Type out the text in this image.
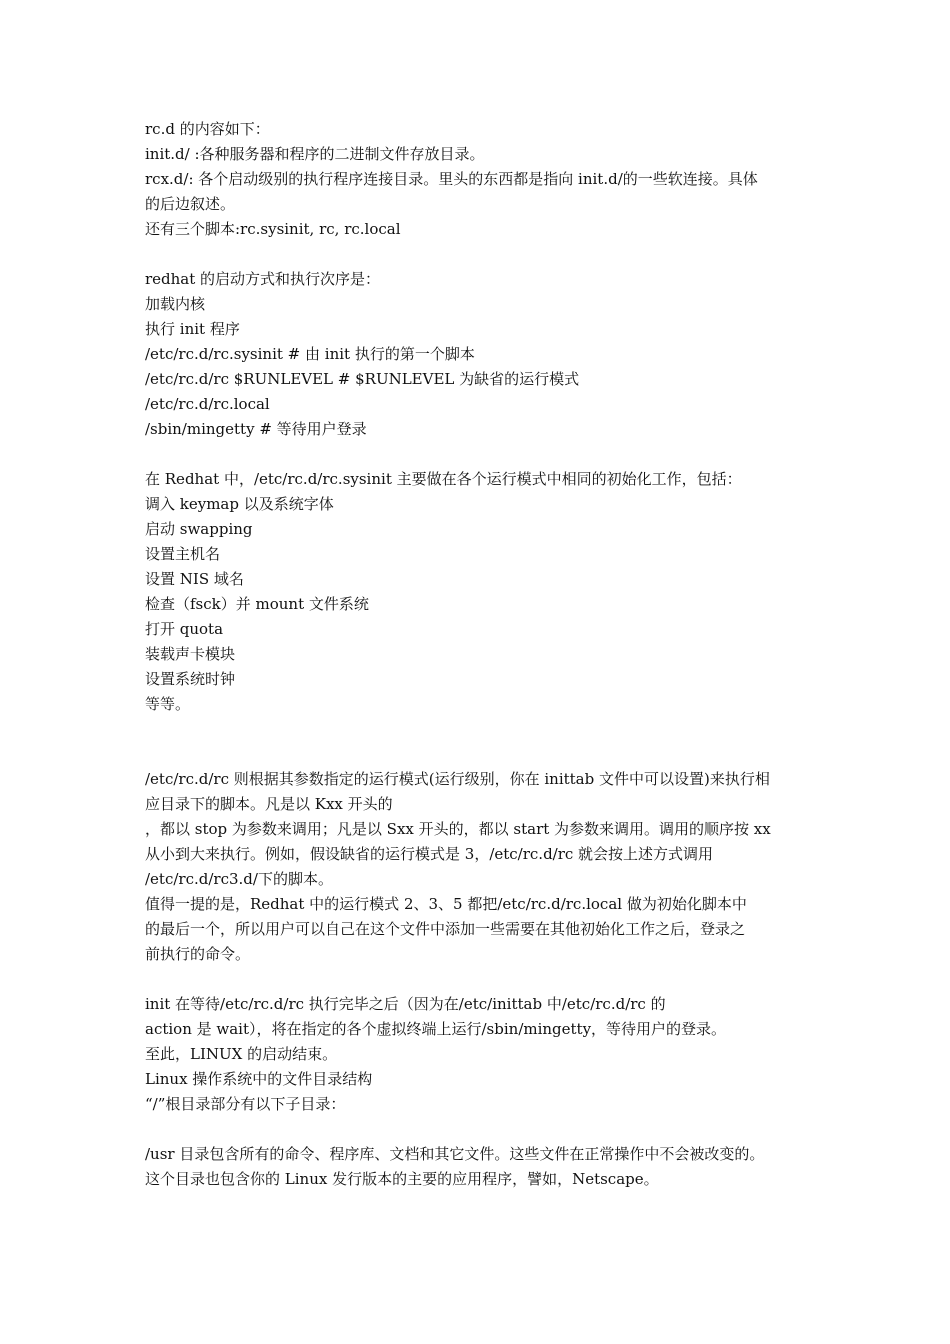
rc.d 的内容如下：
init.d/ :各种服务器和程序的二进制文件存放目录。
rcx.d/: 各个启动级别的执行程序连接目录。里头的东西都是指向 init.d/的一些软连接。具体
的后边叙述。
还有三个脚本:rc.sysinit, rc, rc.local
redhat 的启动方式和执行次序是：
加载内核
执行 init 程序
/etc/rc.d/rc.sysinit # 由 init 执行的第一个脚本
/etc/rc.d/rc $RUNLEVEL # $RUNLEVEL 为缺省的运行模式
/etc/rc.d/rc.local
/sbin/mingetty # 等待用户登录
在 Redhat 中，/etc/rc.d/rc.sysinit 主要做在各个运行模式中相同的初始化工作，包括：
调入 keymap 以及系统字体
启动 swapping
设置主机名
设置 NIS 域名
检查（fsck）并 mount 文件系统
打开 quota
装载声卡模块
设置系统时钟
等等。
/etc/rc.d/rc 则根据其参数指定的运行模式(运行级别，你在 inittab 文件中可以设置)来执行相
应目录下的脚本。凡是以 Kxx 开头的
，都以 stop 为参数来调用；凡是以 Sxx 开头的，都以 start 为参数来调用。调用的顺序按 xx
从小到大来执行。例如，假设缺省的运行模式是 3，/etc/rc.d/rc 就会按上述方式调用
/etc/rc.d/rc3.d/下的脚本。
值得一提的是，Redhat 中的运行模式 2、3、5 都把/etc/rc.d/rc.local 做为初始化脚本中
的最后一个，所以用户可以自己在这个文件中添加一些需要在其他初始化工作之后，登录之
前执行的命令。
init 在等待/etc/rc.d/rc 执行完毕之后（因为在/etc/inittab 中/etc/rc.d/rc 的
action 是 wait），将在指定的各个虚拟终端上运行/sbin/mingetty，等待用户的登录。
至此，LINUX 的启动结束。
Linux 操作系统中的文件目录结构
“/”根目录部分有以下子目录：
/usr 目录包含所有的命令、程序库、文档和其它文件。这些文件在正常操作中不会被改变的。
这个目录也包含你的 Linux 发行版本的主要的应用程序，譬如，Netscape。
